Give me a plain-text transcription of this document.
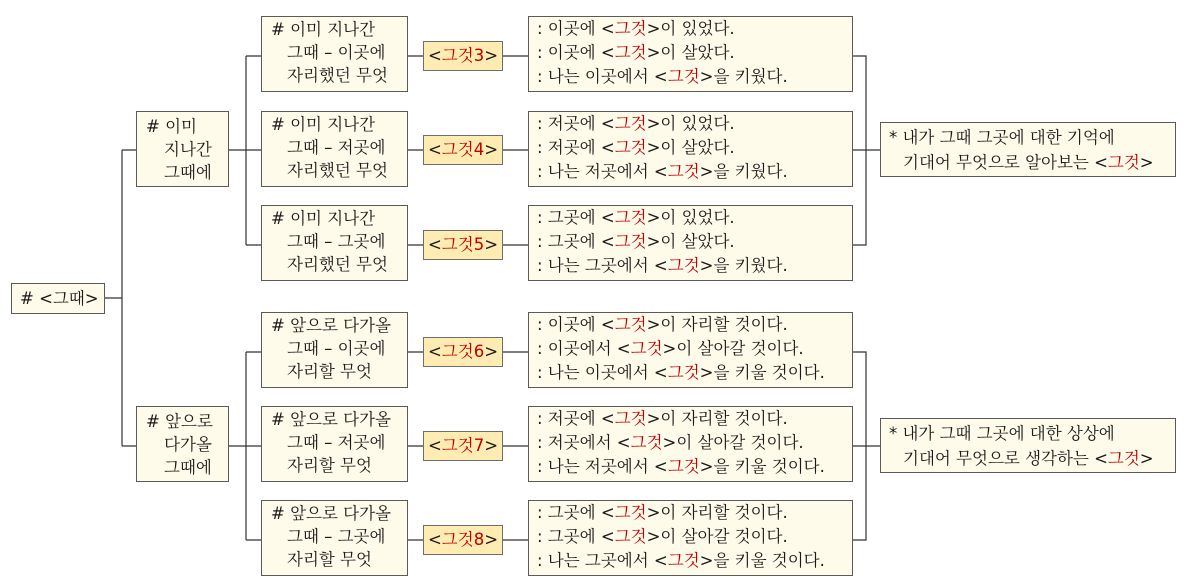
# <그때>
# 이미
지나간
그때에
# 앞으로
다가올
그때에
# 이미 지나간
그때 – 이곳에
자리했던 무엇
<그것3>
: 이곳에 <그것>이 있었다.
: 이곳에 <그것>이 살았다.
: 나는 이곳에서 <그것>을 키웠다.
# 이미 지나간
그때 – 저곳에
자리했던 무엇
<그것4>
: 저곳에 <그것>이 있었다.
: 저곳에 <그것>이 살았다.
: 나는 저곳에서 <그것>을 키웠다.
# 이미 지나간
그때 – 그곳에
자리했던 무엇
<그것5>
: 그곳에 <그것>이 있었다.
: 그곳에 <그것>이 살았다.
: 나는 그곳에서 <그것>을 키웠다.
# 앞으로 다가올
그때 – 이곳에
자리할 무엇
<그것6>
: 이곳에 <그것>이 자리할 것이다.
: 이곳에서 <그것>이 살아갈 것이다.
: 나는 이곳에서 <그것>을 키울 것이다.
# 앞으로 다가올
그때 – 저곳에
자리할 무엇
<그것7>
: 저곳에 <그것>이 자리할 것이다.
: 저곳에서 <그것>이 살아갈 것이다.
: 나는 저곳에서 <그것>을 키울 것이다.
# 앞으로 다가올
그때 – 그곳에
자리할 무엇
<그것8>
: 그곳에 <그것>이 자리할 것이다.
: 그곳에 <그것>이 살아갈 것이다.
: 나는 그곳에서 <그것>을 키울 것이다.
* 내가 그때 그곳에 대한 기억에
기대어 무엇으로 알아보는 <그것>
* 내가 그때 그곳에 대한 상상에
기대어 무엇으로 생각하는 <그것>
